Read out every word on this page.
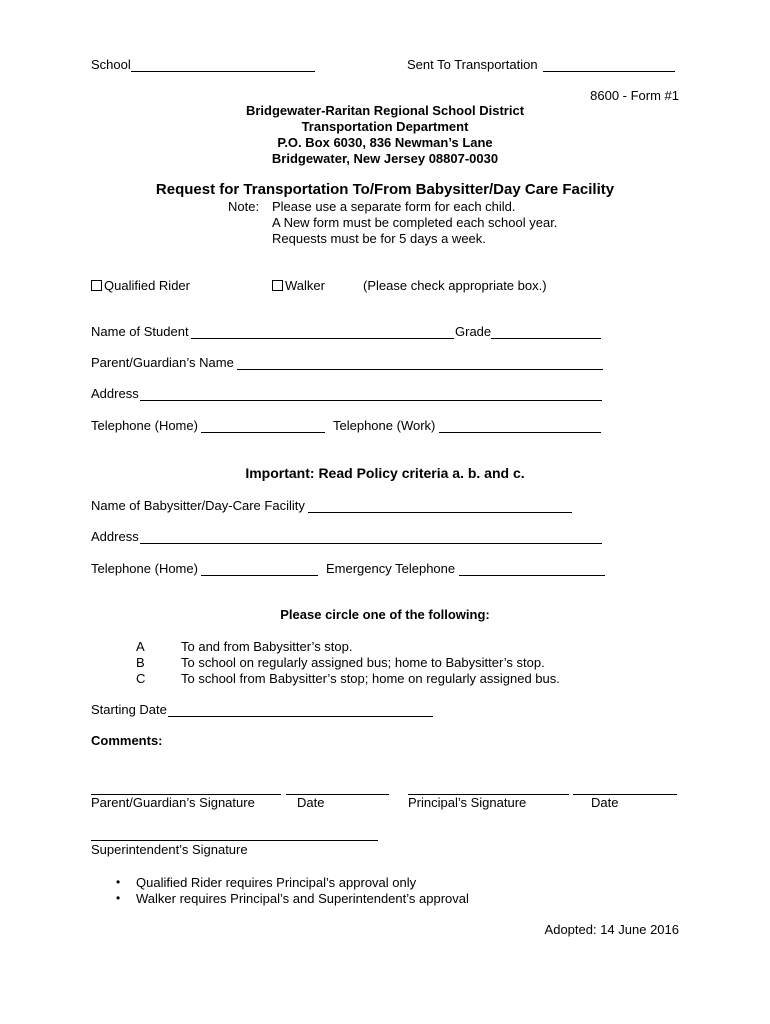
School	Sent To Transportation
8600 - Form #1
Bridgewater-Raritan Regional School District
Transportation Department
P.O. Box 6030, 836 Newman’s Lane
Bridgewater, New Jersey 08807-0030
Request for Transportation To/From Babysitter/Day Care Facility
Note: Please use a separate form for each child.
A New form must be completed each school year.
Requests must be for 5 days a week.
Qualified Rider	Walker	(Please check appropriate box.)
Name of Student	Grade
Parent/Guardian’s Name
Address
Telephone (Home)	Telephone (Work)
Important: Read Policy criteria a. b. and c.
Name of Babysitter/Day-Care Facility
Address
Telephone (Home)	Emergency Telephone
Please circle one of the following:
A	To and from Babysitter’s stop.
B	To school on regularly assigned bus; home to Babysitter’s stop.
C	To school from Babysitter’s stop; home on regularly assigned bus.
Starting Date
Comments:
Parent/Guardian’s Signature	Date	Principal’s Signature	Date
Superintendent’s Signature
• Qualified Rider requires Principal’s approval only
• Walker requires Principal’s and Superintendent’s approval
Adopted: 14 June 2016
